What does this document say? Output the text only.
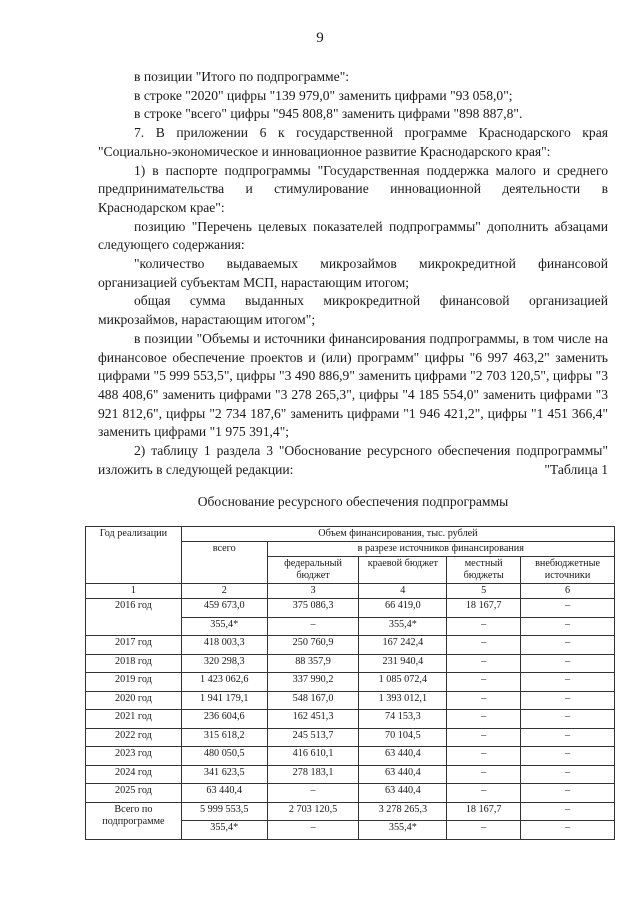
9

в позиции "Итого по подпрограмме":

в строке "2020" цифры "139 979,0" заменить цифрами "93 058,0";

в строке "всего" цифры "945 808,8" заменить цифрами "898 887,8".

7. В приложении 6 к государственной программе Краснодарского края "Социально-экономическое и инновационное развитие Краснодарского края":

1) в паспорте подпрограммы "Государственная поддержка малого и среднего предпринимательства и стимулирование инновационной деятельности в Краснодарском крае":

позицию "Перечень целевых показателей подпрограммы" дополнить абзацами следующего содержания:

"количество выдаваемых микрозаймов микрокредитной финансовой организацией субъектам МСП, нарастающим итогом;

общая сумма выданных микрокредитной финансовой организацией микрозаймов, нарастающим итогом";

в позиции "Объемы и источники финансирования подпрограммы, в том числе на финансовое обеспечение проектов и (или) программ" цифры "6 997 463,2" заменить цифрами "5 999 553,5", цифры "3 490 886,9" заменить цифрами "2 703 120,5", цифры "3 488 408,6" заменить цифрами "3 278 265,3", цифры "4 185 554,0" заменить цифрами "3 921 812,6", цифры "2 734 187,6" заменить цифрами "1 946 421,2", цифры "1 451 366,4" заменить цифрами "1 975 391,4";

2) таблицу 1 раздела 3 "Обоснование ресурсного обеспечения подпрограммы" изложить в следующей редакции:	"Таблица 1
Обоснование ресурсного обеспечения подпрограммы
Год реализации	Объем финансирования, тыс. рублей				
	всего	в разрезе источников финансирования			
		федеральный бюджет	краевой бюджет	местный бюджеты	внебюджетные источники
1	2	3	4	5	6
2016 год	459 673,0	375 086,3	66 419,0	18 167,7	–
	355,4*	–	355,4*	–	–
2017 год	418 003,3	250 760,9	167 242,4	–	–
2018 год	320 298,3	88 357,9	231 940,4	–	–
2019 год	1 423 062,6	337 990,2	1 085 072,4	–	–
2020 год	1 941 179,1	548 167,0	1 393 012,1	–	–
2021 год	236 604,6	162 451,3	74 153,3	–	–
2022 год	315 618,2	245 513,7	70 104,5	–	–
2023 год	480 050,5	416 610,1	63 440,4	–	–
2024 год	341 623,5	278 183,1	63 440,4	–	–
2025 год	63 440,4	–	63 440,4	–	–
Всего по подпрограмме	5 999 553,5	2 703 120,5	3 278 265,3	18 167,7	–
	355,4*	–	355,4*	–	–
